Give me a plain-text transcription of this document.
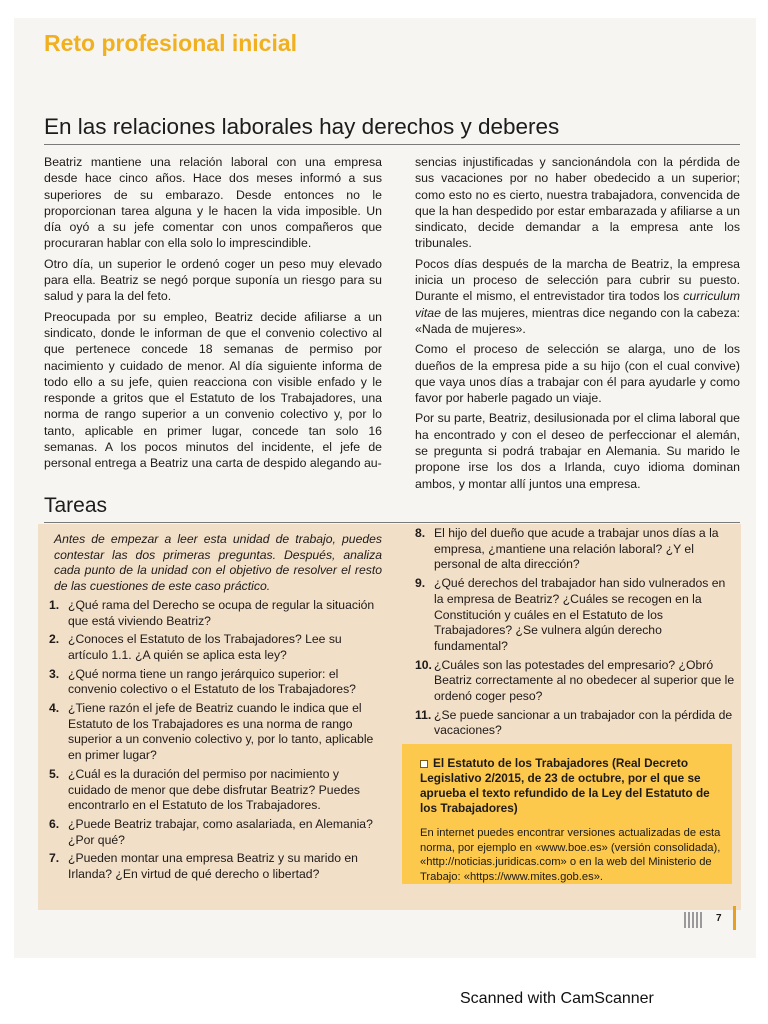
Reto profesional inicial
En las relaciones laborales hay derechos y deberes

Beatriz mantiene una relación laboral con una empresa desde hace cinco años. Hace dos meses informó a sus superiores de su embarazo. Desde entonces no le proporcionan tarea alguna y le hacen la vida imposible. Un día oyó a su jefe comentar con unos compañeros que procuraran hablar con ella solo lo imprescindible.

Otro día, un superior le ordenó coger un peso muy elevado para ella. Beatriz se negó porque suponía un riesgo para su salud y para la del feto.

Preocupada por su empleo, Beatriz decide afiliarse a un sindicato, donde le informan de que el convenio colectivo al que pertenece concede 18 semanas de permiso por nacimiento y cuidado de menor. Al día siguiente informa de todo ello a su jefe, quien reacciona con visible enfado y le responde a gritos que el Estatuto de los Trabajadores, una norma de rango superior a un convenio colectivo y, por lo tanto, aplicable en primer lugar, concede tan solo 16 semanas. A los pocos minutos del incidente, el jefe de personal entrega a Beatriz una carta de despido alegando au-

sencias injustificadas y sancionándola con la pérdida de sus vacaciones por no haber obedecido a un superior; como esto no es cierto, nuestra trabajadora, convencida de que la han despedido por estar embarazada y afiliarse a un sindicato, decide demandar a la empresa ante los tribunales.

Pocos días después de la marcha de Beatriz, la empresa inicia un proceso de selección para cubrir su puesto. Durante el mismo, el entrevistador tira todos los curriculum vitae de las mujeres, mientras dice negando con la cabeza: «Nada de mujeres».

Como el proceso de selección se alarga, uno de los dueños de la empresa pide a su hijo (con el cual convive) que vaya unos días a trabajar con él para ayudarle y como favor por haberle pagado un viaje.

Por su parte, Beatriz, desilusionada por el clima laboral que ha encontrado y con el deseo de perfeccionar el alemán, se pregunta si podrá trabajar en Alemania. Su marido le propone irse los dos a Irlanda, cuyo idioma dominan ambos, y montar allí juntos una empresa.

Tareas
Antes de empezar a leer esta unidad de trabajo, puedes contestar las dos primeras preguntas. Después, analiza cada punto de la unidad con el objetivo de resolver el resto de las cuestiones de este caso práctico.
1. ¿Qué rama del Derecho se ocupa de regular la situación que está viviendo Beatriz?
2. ¿Conoces el Estatuto de los Trabajadores? Lee su artículo 1.1. ¿A quién se aplica esta ley?
3. ¿Qué norma tiene un rango jerárquico superior: el convenio colectivo o el Estatuto de los Trabajadores?
4. ¿Tiene razón el jefe de Beatriz cuando le indica que el Estatuto de los Trabajadores es una norma de rango superior a un convenio colectivo y, por lo tanto, aplicable en primer lugar?
5. ¿Cuál es la duración del permiso por nacimiento y cuidado de menor que debe disfrutar Beatriz? Puedes encontrarlo en el Estatuto de los Trabajadores.
6. ¿Puede Beatriz trabajar, como asalariada, en Alemania? ¿Por qué?
7. ¿Pueden montar una empresa Beatriz y su marido en Irlanda? ¿En virtud de qué derecho o libertad?
8. El hijo del dueño que acude a trabajar unos días a la empresa, ¿mantiene una relación laboral? ¿Y el personal de alta dirección?
9. ¿Qué derechos del trabajador han sido vulnerados en la empresa de Beatriz? ¿Cuáles se recogen en la Constitución y cuáles en el Estatuto de los Trabajadores? ¿Se vulnera algún derecho fundamental?
10. ¿Cuáles son las potestades del empresario? ¿Obró Beatriz correctamente al no obedecer al superior que le ordenó coger peso?
11. ¿Se puede sancionar a un trabajador con la pérdida de vacaciones?
El Estatuto de los Trabajadores (Real Decreto Legislativo 2/2015, de 23 de octubre, por el que se aprueba el texto refundido de la Ley del Estatuto de los Trabajadores)
En internet puedes encontrar versiones actualizadas de esta norma, por ejemplo en «www.boe.es» (versión consolidada), «http://noticias.juridicas.com» o en la web del Ministerio de Trabajo: «https://www.mites.gob.es».
7
Scanned with CamScanner
